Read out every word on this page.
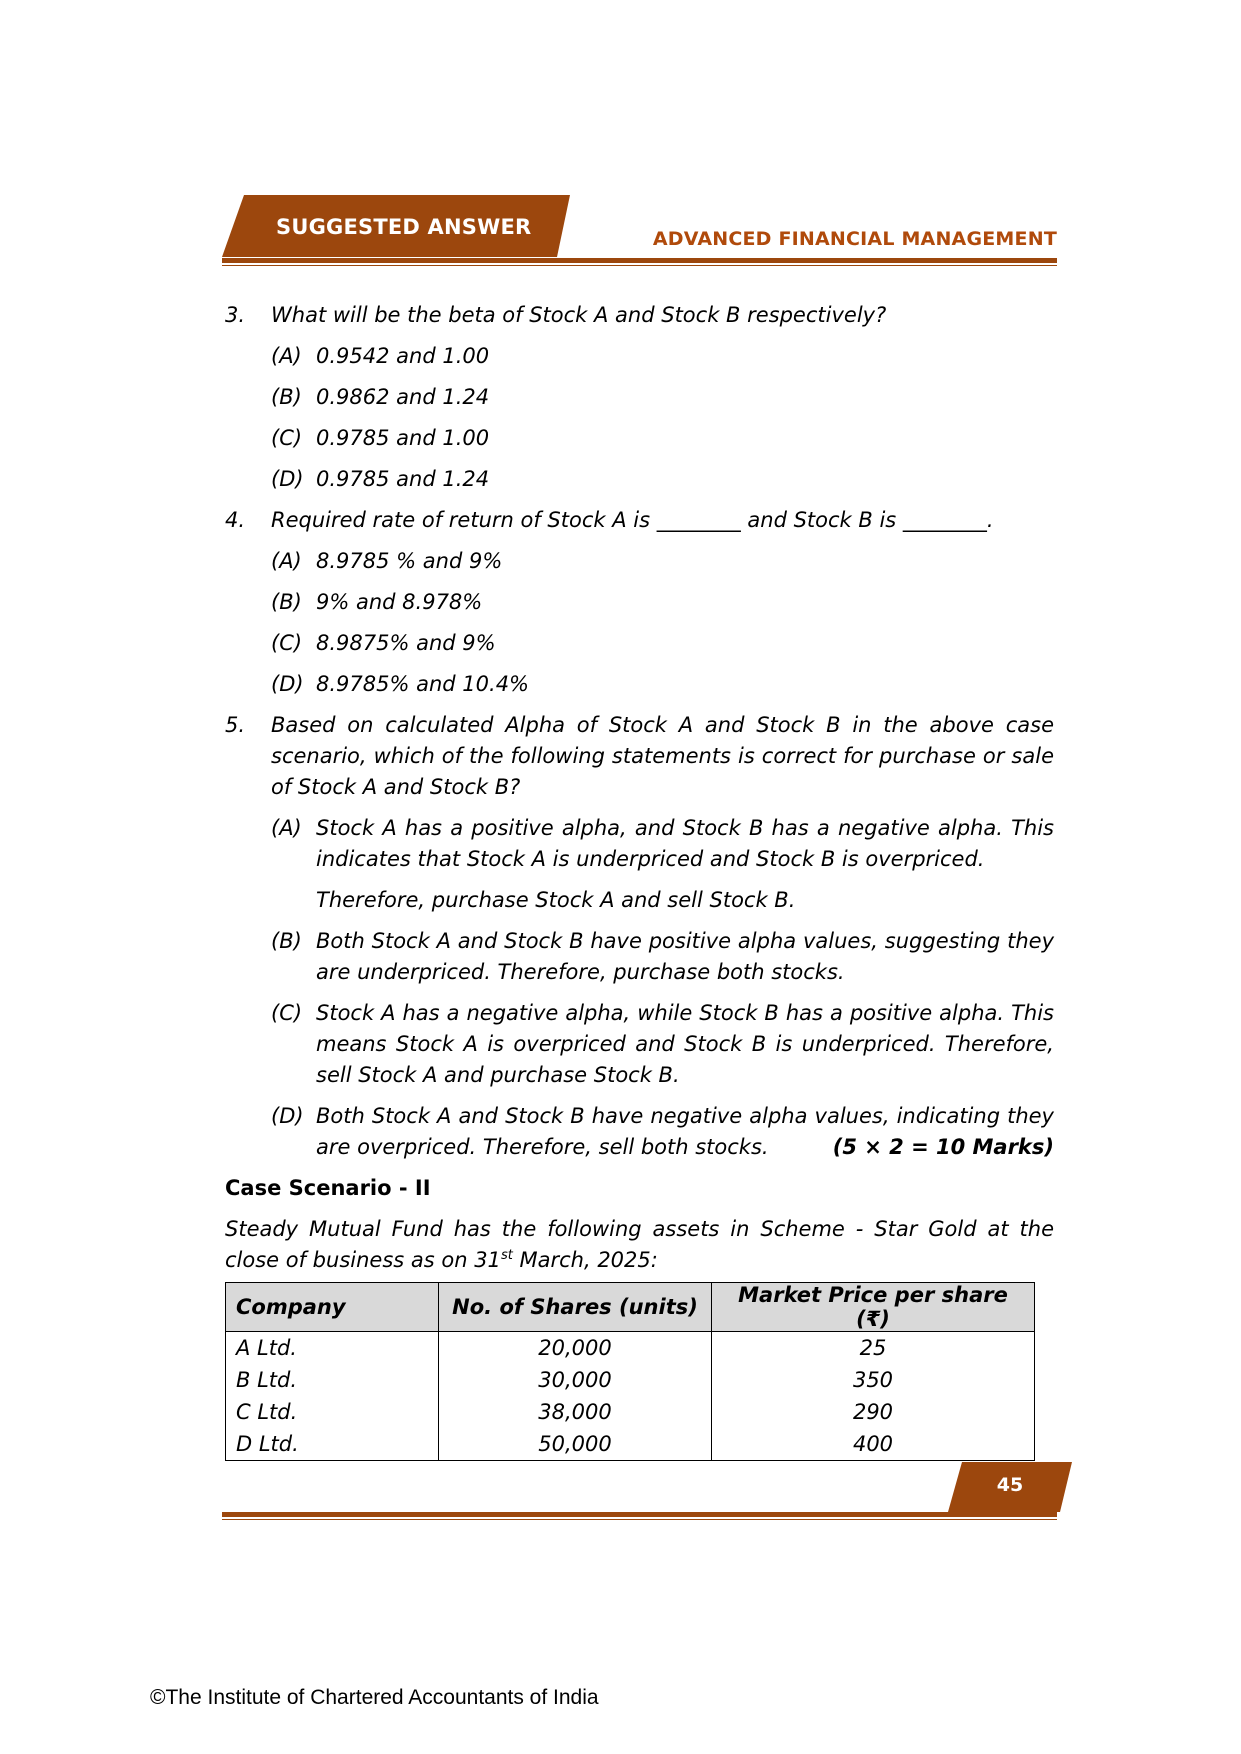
SUGGESTED ANSWER	ADVANCED FINANCIAL MANAGEMENT
3. What will be the beta of Stock A and Stock B respectively?
(A) 0.9542 and 1.00
(B) 0.9862 and 1.24
(C) 0.9785 and 1.00
(D) 0.9785 and 1.24
4. Required rate of return of Stock A is ________ and Stock B is ________.
(A) 8.9785 % and 9%
(B) 9% and 8.978%
(C) 8.9875% and 9%
(D) 8.9785% and 10.4%
5. Based on calculated Alpha of Stock A and Stock B in the above case scenario, which of the following statements is correct for purchase or sale of Stock A and Stock B?
(A) Stock A has a positive alpha, and Stock B has a negative alpha. This indicates that Stock A is underpriced and Stock B is overpriced.
Therefore, purchase Stock A and sell Stock B.
(B) Both Stock A and Stock B have positive alpha values, suggesting they are underpriced. Therefore, purchase both stocks.
(C) Stock A has a negative alpha, while Stock B has a positive alpha. This means Stock A is overpriced and Stock B is underpriced. Therefore, sell Stock A and purchase Stock B.
(D) Both Stock A and Stock B have negative alpha values, indicating they are overpriced. Therefore, sell both stocks.	(5 × 2 = 10 Marks)
Case Scenario - II
Steady Mutual Fund has the following assets in Scheme - Star Gold at the close of business as on 31st March, 2025:
Company	No. of Shares (units)	Market Price per share (₹)
A Ltd.	20,000	25
B Ltd.	30,000	350
C Ltd.	38,000	290
D Ltd.	50,000	400
45
©The Institute of Chartered Accountants of India
